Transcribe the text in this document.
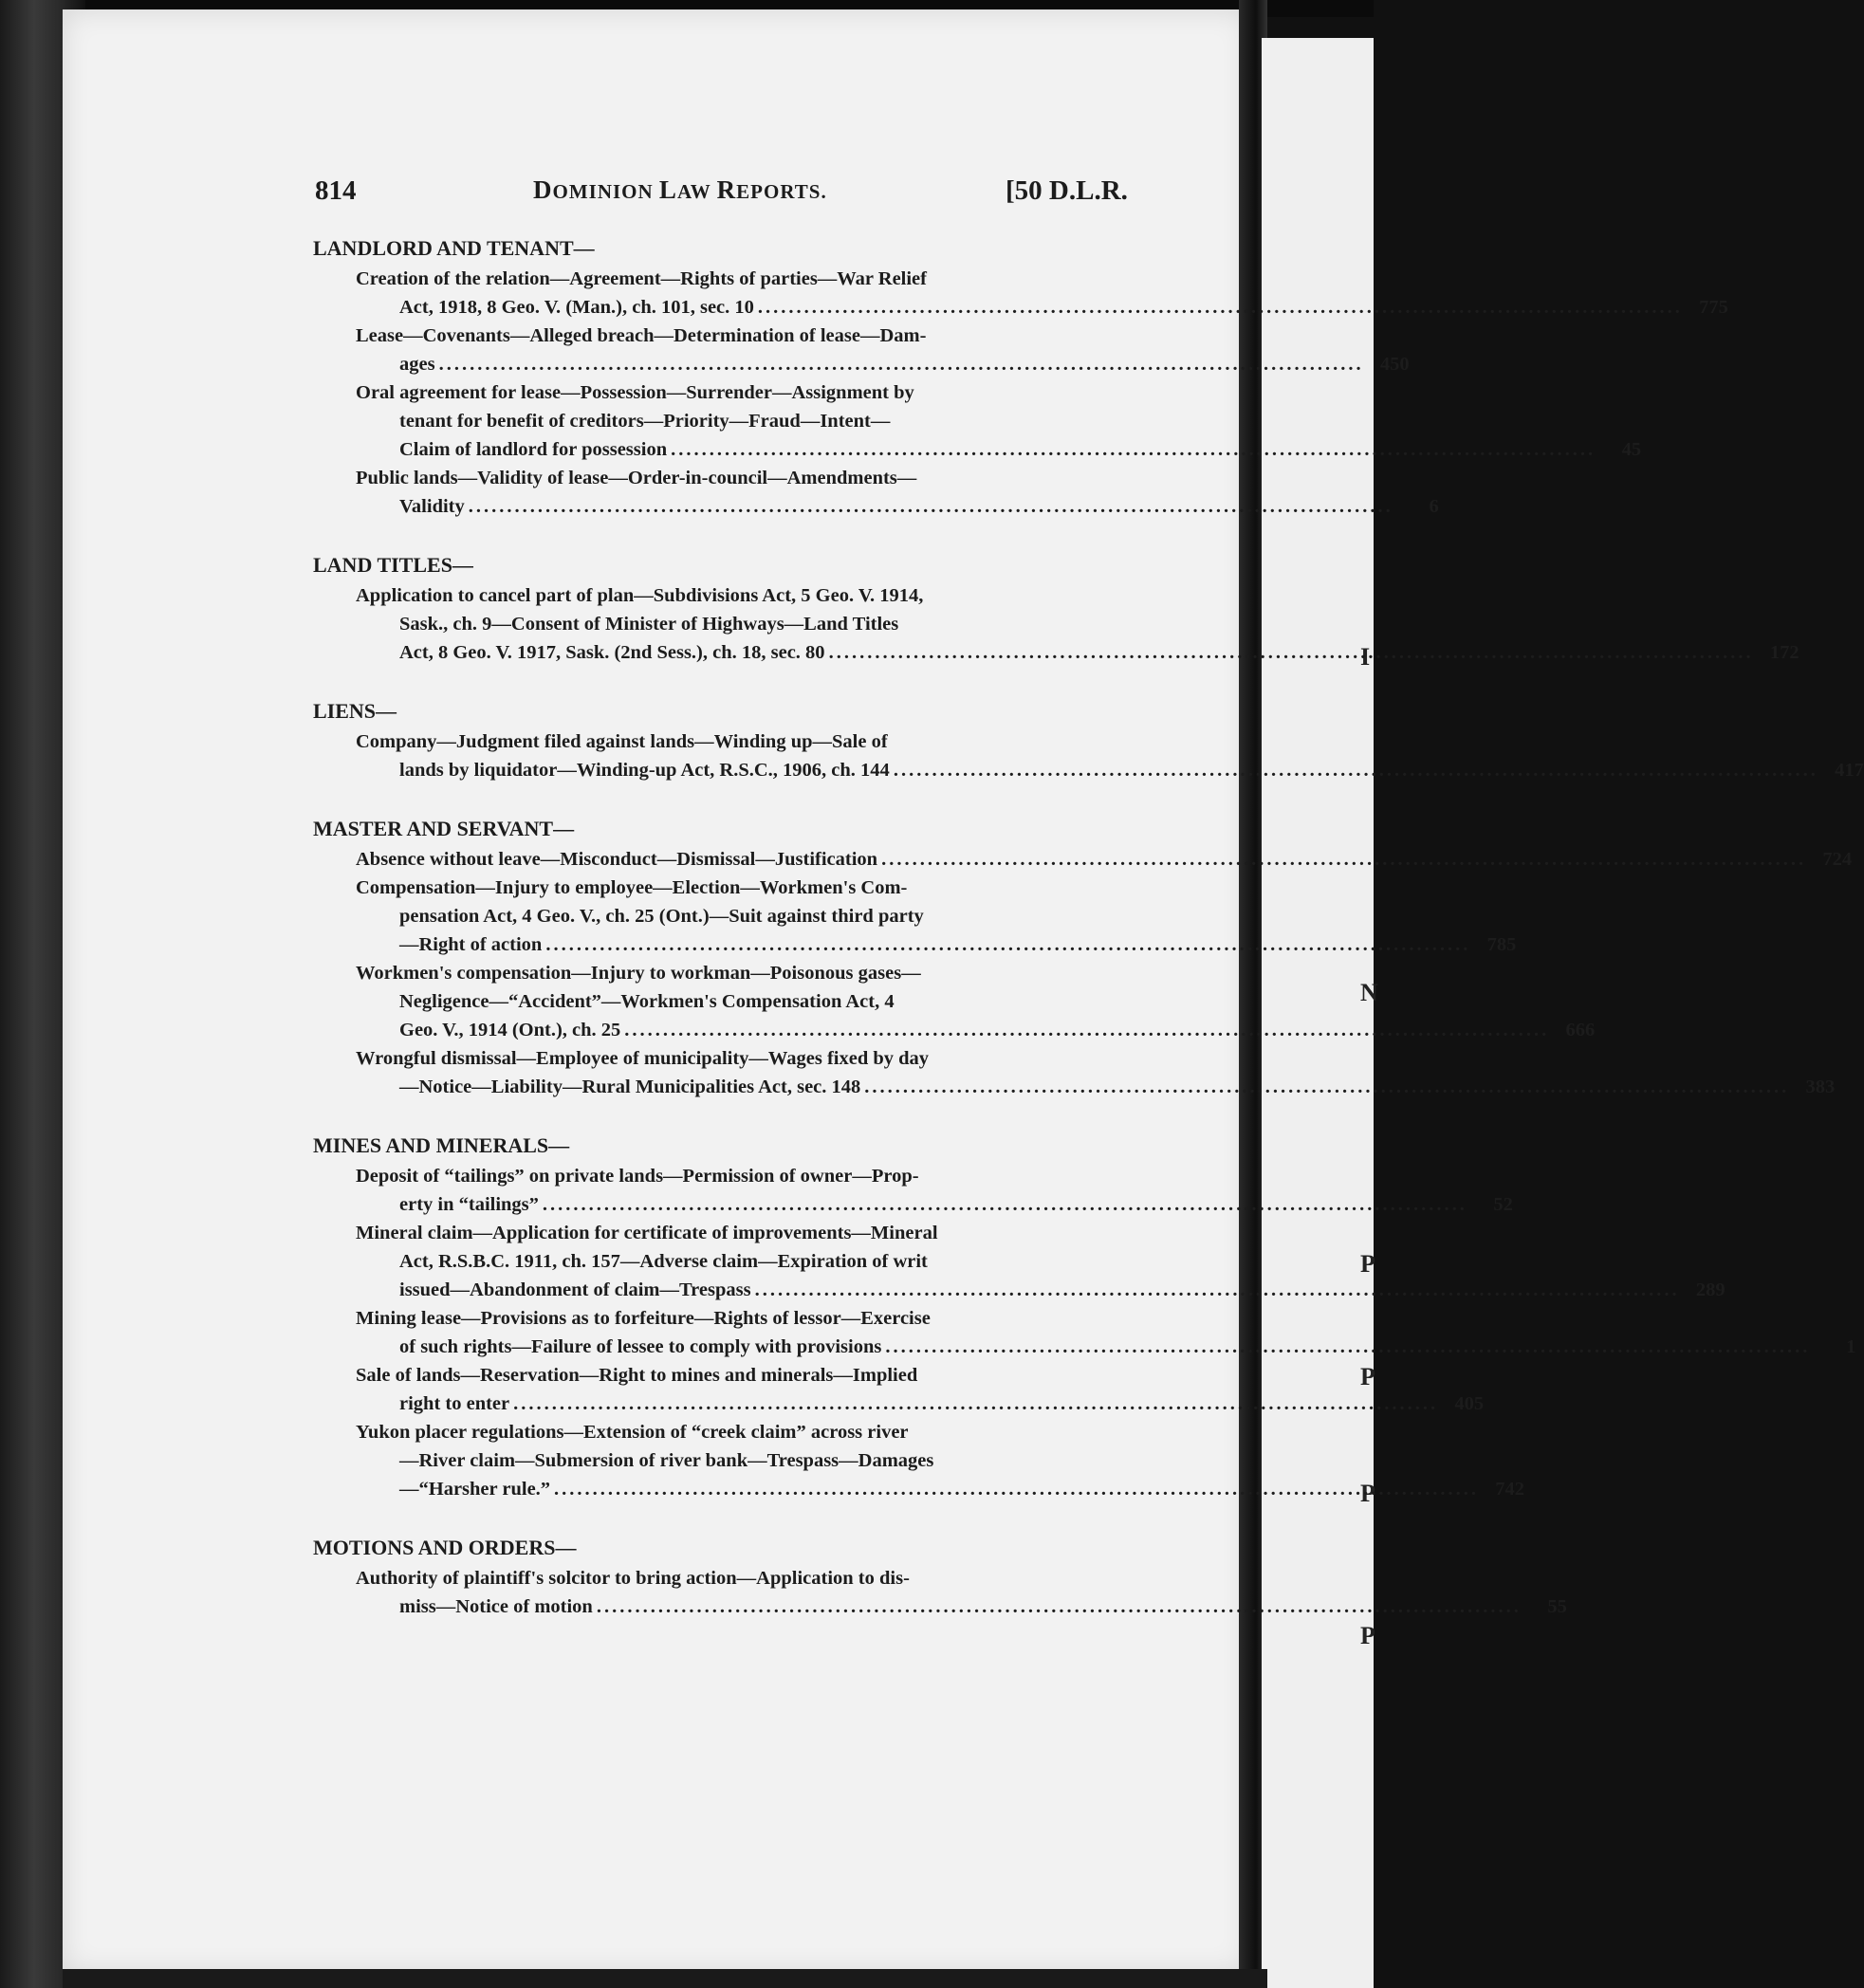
I
N
P
P
P
P
814	DOMINION LAW REPORTS.	[50 D.L.R.
LANDLORD AND TENANT—
Creation of the relation—Agreement—Rights of parties—War Relief
Act, 1918, 8 Geo. V. (Man.), ch. 101, sec. 10 .....	775
Lease—Covenants—Alleged breach—Determination of lease—Dam-
ages .....	450
Oral agreement for lease—Possession—Surrender—Assignment by
tenant for benefit of creditors—Priority—Fraud—Intent—
Claim of landlord for possession .....	45
Public lands—Validity of lease—Order-in-council—Amendments—
Validity .....	6
LAND TITLES—
Application to cancel part of plan—Subdivisions Act, 5 Geo. V. 1914,
Sask., ch. 9—Consent of Minister of Highways—Land Titles
Act, 8 Geo. V. 1917, Sask. (2nd Sess.), ch. 18, sec. 80 .....	172
LIENS—
Company—Judgment filed against lands—Winding up—Sale of
lands by liquidator—Winding-up Act, R.S.C., 1906, ch. 144 .....	417
MASTER AND SERVANT—
Absence without leave—Misconduct—Dismissal—Justification .....	724
Compensation—Injury to employee—Election—Workmen's Com-
pensation Act, 4 Geo. V., ch. 25 (Ont.)—Suit against third party
—Right of action .....	785
Workmen's compensation—Injury to workman—Poisonous gases—
Negligence—“Accident”—Workmen's Compensation Act, 4
Geo. V., 1914 (Ont.), ch. 25 .....	666
Wrongful dismissal—Employee of municipality—Wages fixed by day
—Notice—Liability—Rural Municipalities Act, sec. 148 .....	383
MINES AND MINERALS—
Deposit of “tailings” on private lands—Permission of owner—Prop-
erty in “tailings” .....	52
Mineral claim—Application for certificate of improvements—Mineral
Act, R.S.B.C. 1911, ch. 157—Adverse claim—Expiration of writ
issued—Abandonment of claim—Trespass .....	289
Mining lease—Provisions as to forfeiture—Rights of lessor—Exercise
of such rights—Failure of lessee to comply with provisions .....	1
Sale of lands—Reservation—Right to mines and minerals—Implied
right to enter .....	405
Yukon placer regulations—Extension of “creek claim” across river
—River claim—Submersion of river bank—Trespass—Damages
—“Harsher rule.” .....	742
MOTIONS AND ORDERS—
Authority of plaintiff's solcitor to bring action—Application to dis-
miss—Notice of motion .....	55
